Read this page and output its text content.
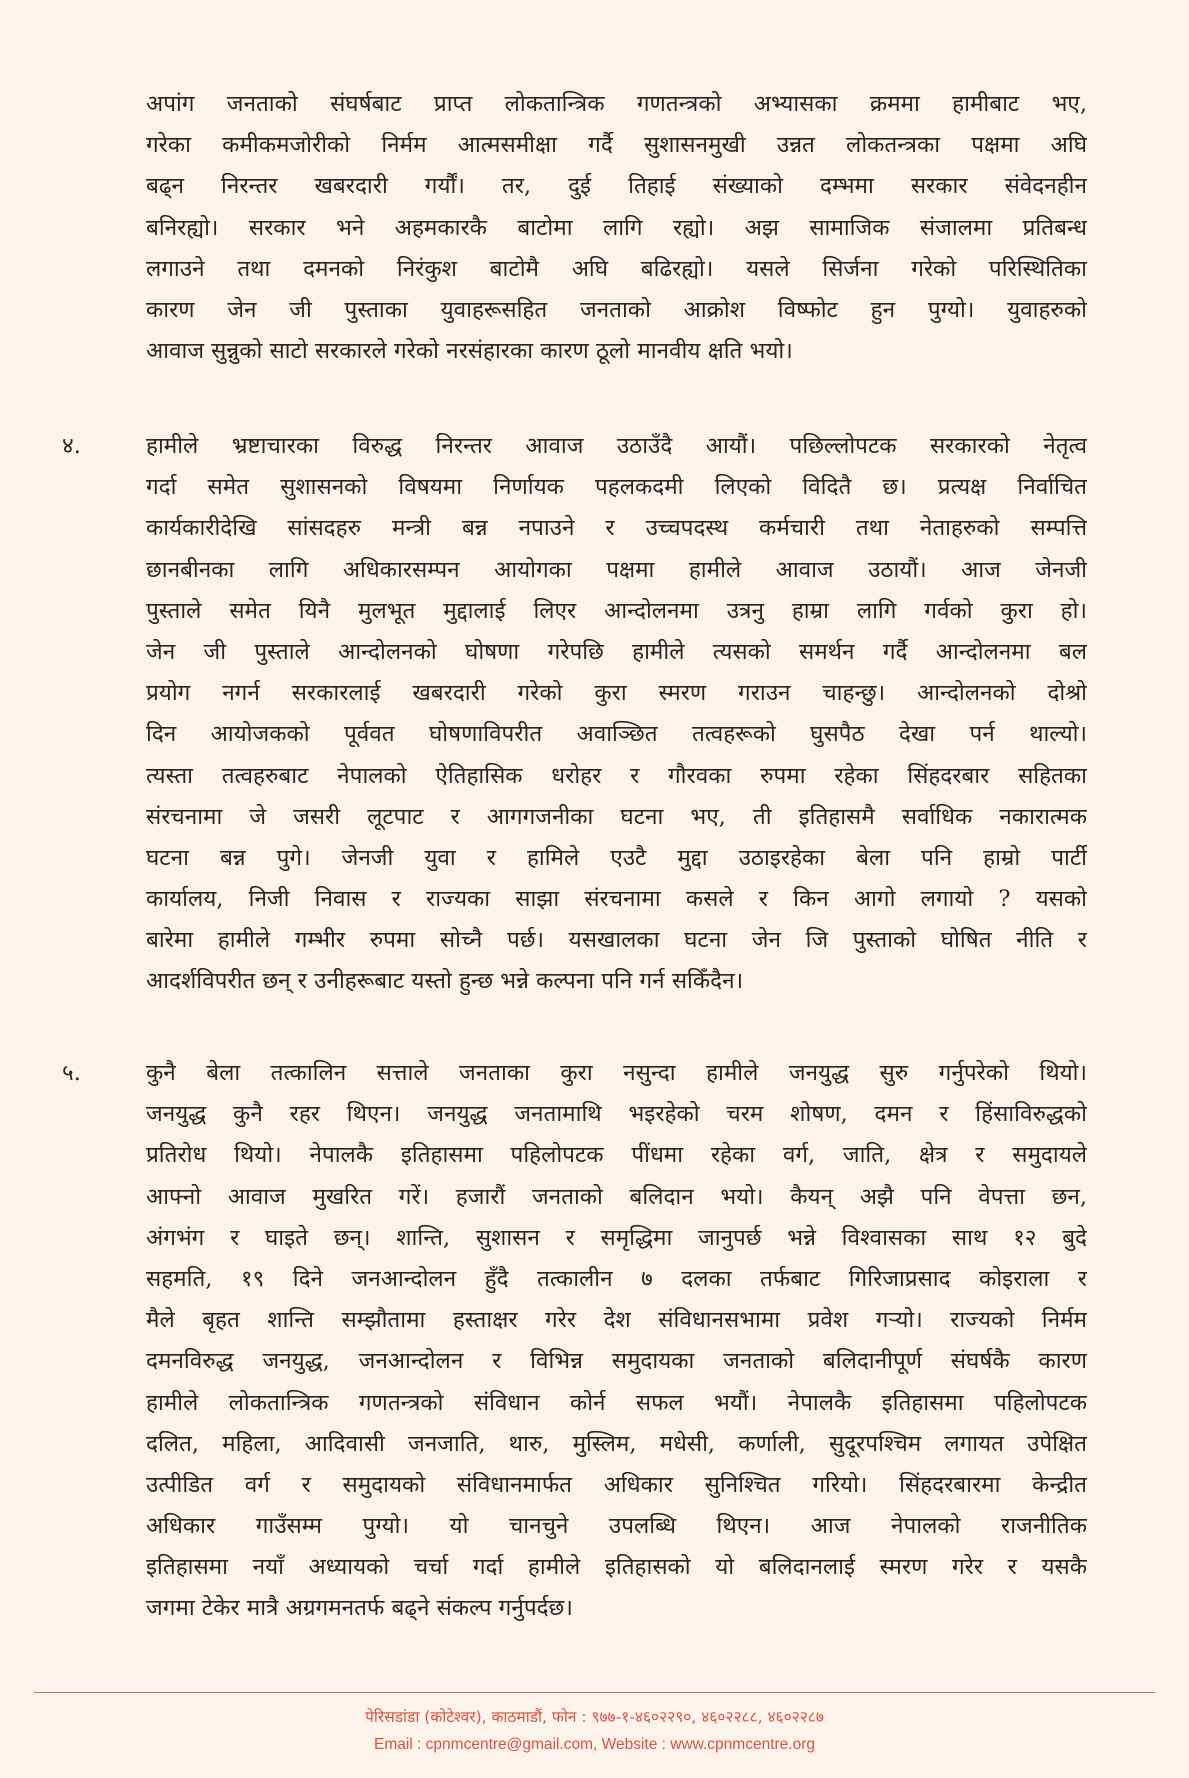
अपांग जनताको संघर्षबाट प्राप्त लोकतान्त्रिक गणतन्त्रको अभ्यासका क्रममा हामीबाट भए,
गरेका कमीकमजोरीको निर्मम आत्मसमीक्षा गर्दै सुशासनमुखी उन्नत लोकतन्त्रका पक्षमा अघि
बढ्न निरन्तर खबरदारी गर्यौं। तर, दुई तिहाई संख्याको दम्भमा सरकार संवेदनहीन
बनिरह्यो। सरकार भने अहमकारकै बाटोमा लागि रह्यो। अझ सामाजिक संजालमा प्रतिबन्ध
लगाउने तथा दमनको निरंकुश बाटोमै अघि बढिरह्यो। यसले सिर्जना गरेको परिस्थितिका
कारण जेन जी पुस्ताका युवाहरूसहित जनताको आक्रोश विष्फोट हुन पुग्यो। युवाहरुको
आवाज सुन्नुको साटो सरकारले गरेको नरसंहारका कारण ठूलो मानवीय क्षति भयो।
४.	हामीले भ्रष्टाचारका विरुद्ध निरन्तर आवाज उठाउँदै आयौं। पछिल्लोपटक सरकारको नेतृत्व
गर्दा समेत सुशासनको विषयमा निर्णायक पहलकदमी लिएको विदितै छ। प्रत्यक्ष निर्वाचित
कार्यकारीदेखि सांसदहरु मन्त्री बन्न नपाउने र उच्चपदस्थ कर्मचारी तथा नेताहरुको सम्पत्ति
छानबीनका लागि अधिकारसम्पन आयोगका पक्षमा हामीले आवाज उठायौं। आज जेनजी
पुस्ताले समेत यिनै मुलभूत मुद्दालाई लिएर आन्दोलनमा उत्रनु हाम्रा लागि गर्वको कुरा हो।
जेन जी पुस्ताले आन्दोलनको घोषणा गरेपछि हामीले त्यसको समर्थन गर्दै आन्दोलनमा बल
प्रयोग नगर्न सरकारलाई खबरदारी गरेको कुरा स्मरण गराउन चाहन्छु। आन्दोलनको दोश्रो
दिन आयोजकको पूर्ववत घोषणाविपरीत अवाञ्छित तत्वहरूको घुसपैठ देखा पर्न थाल्यो।
त्यस्ता तत्वहरुबाट नेपालको ऐतिहासिक धरोहर र गौरवका रुपमा रहेका सिंहदरबार सहितका
संरचनामा जे जसरी लूटपाट र आगगजनीका घटना भए, ती इतिहासमै सर्वाधिक नकारात्मक
घटना बन्न पुगे। जेनजी युवा र हामिले एउटै मुद्दा उठाइरहेका बेला पनि हाम्रो पार्टी
कार्यालय, निजी निवास र राज्यका साझा संरचनामा कसले र किन आगो लगायो ? यसको
बारेमा हामीले गम्भीर रुपमा सोच्नै पर्छ। यसखालका घटना जेन जि पुस्ताको घोषित नीति र
आदर्शविपरीत छन् र उनीहरूबाट यस्तो हुन्छ भन्ने कल्पना पनि गर्न सकिँदैन।
५.	कुनै बेला तत्कालिन सत्ताले जनताका कुरा नसुन्दा हामीले जनयुद्ध सुरु गर्नुपरेको थियो।
जनयुद्ध कुनै रहर थिएन। जनयुद्ध जनतामाथि भइरहेको चरम शोषण, दमन र हिंसाविरुद्धको
प्रतिरोध थियो। नेपालकै इतिहासमा पहिलोपटक पींधमा रहेका वर्ग, जाति, क्षेत्र र समुदायले
आफ्नो आवाज मुखरित गरें। हजारौं जनताको बलिदान भयो। कैयन् अझै पनि वेपत्ता छन,
अंगभंग र घाइते छन्। शान्ति, सुशासन र समृद्धिमा जानुपर्छ भन्ने विश्वासका साथ १२ बुदे
सहमति, १९ दिने जनआन्दोलन हुँदै तत्कालीन ७ दलका तर्फबाट गिरिजाप्रसाद कोइराला र
मैले बृहत शान्ति सम्झौतामा हस्ताक्षर गरेर देश संविधानसभामा प्रवेश गर्‍यो। राज्यको निर्मम
दमनविरुद्ध जनयुद्ध, जनआन्दोलन र विभिन्न समुदायका जनताको बलिदानीपूर्ण संघर्षकै कारण
हामीले लोकतान्त्रिक गणतन्त्रको संविधान कोर्न सफल भयौं। नेपालकै इतिहासमा पहिलोपटक
दलित, महिला, आदिवासी जनजाति, थारु, मुस्लिम, मधेसी, कर्णाली, सुदूरपश्चिम लगायत उपेक्षित
उत्पीडित वर्ग र समुदायको संविधानमार्फत अधिकार सुनिश्चित गरियो। सिंहदरबारमा केन्द्रीत
अधिकार गाउँसम्म पुग्यो। यो चानचुने उपलब्धि थिएन। आज नेपालको राजनीतिक
इतिहासमा नयाँ अध्यायको चर्चा गर्दा हामीले इतिहासको यो बलिदानलाई स्मरण गरेर र यसकै
जगमा टेकेर मात्रै अग्रगमनतर्फ बढ्ने संकल्प गर्नुपर्दछ।
पेरिसडांडा (कोटेश्वर), काठमाडौं, फोन : ९७७-१-४६०२२९०, ४६०२२८८, ४६०२२८७
Email : cpnmcentre@gmail.com, Website : www.cpnmcentre.org
